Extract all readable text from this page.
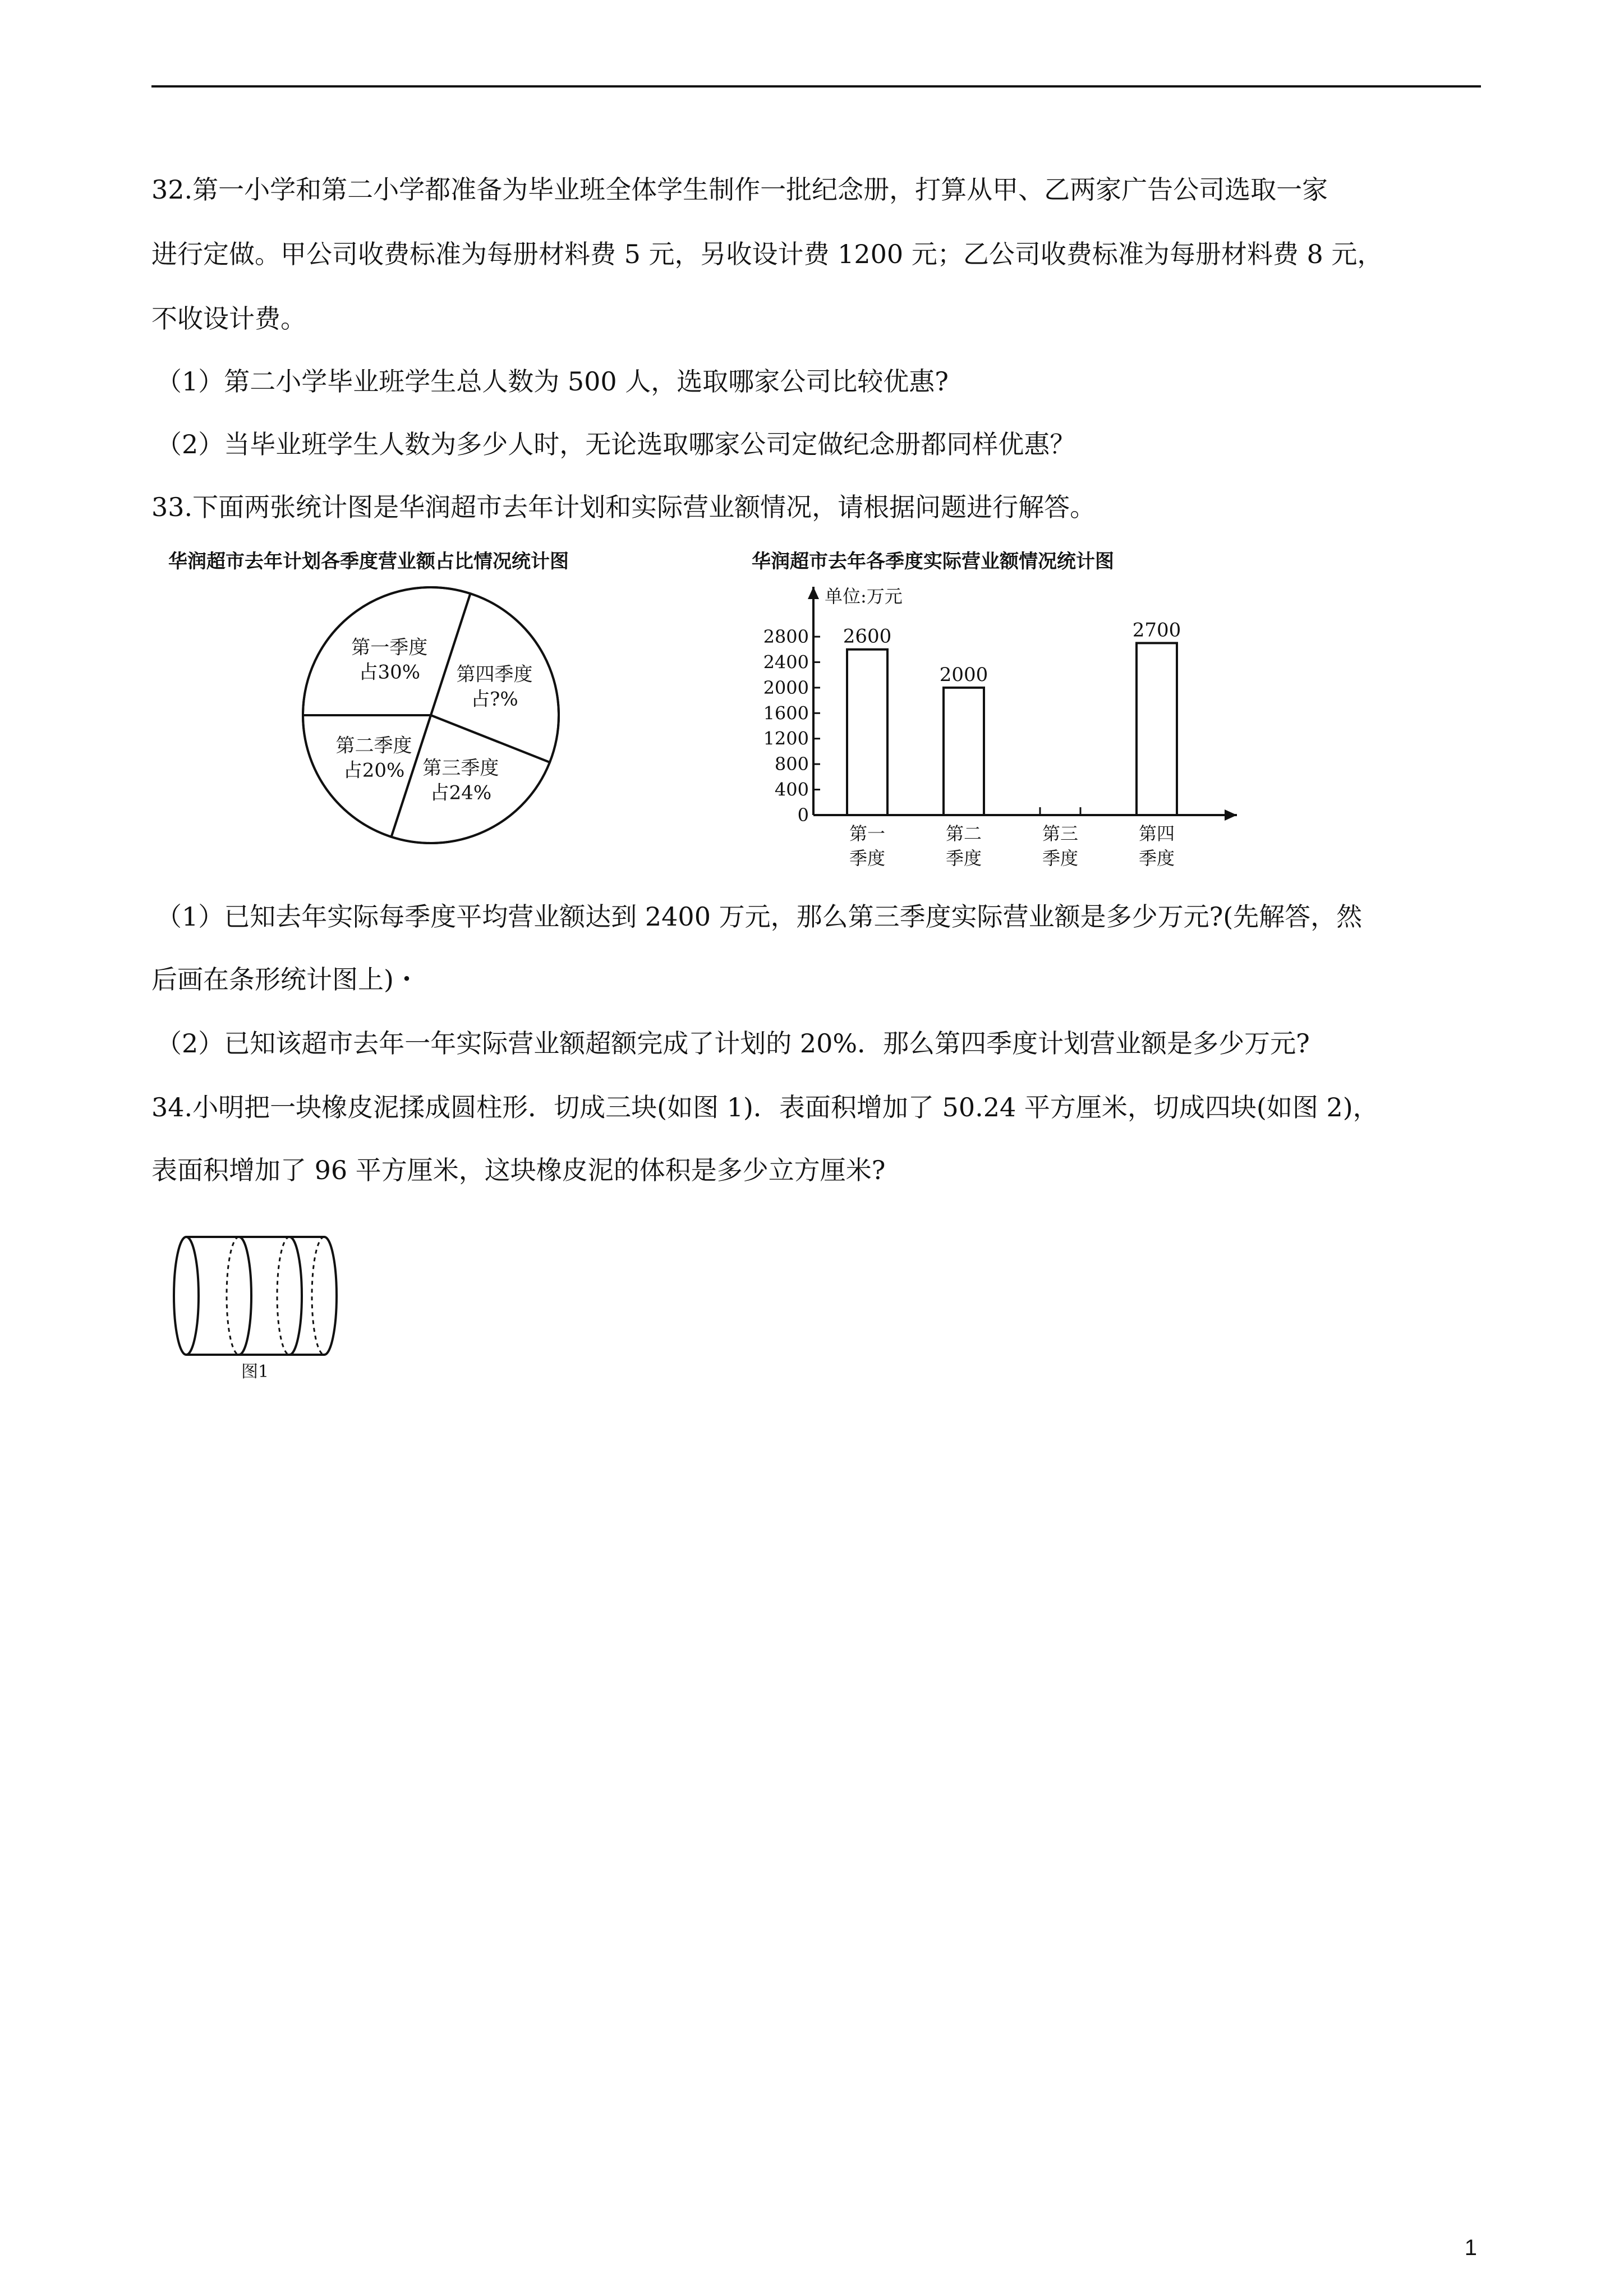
32.第一小学和第二小学都准备为毕业班全体学生制作一批纪念册，打算从甲、乙两家广告公司选取一家
进行定做。甲公司收费标准为每册材料费 5 元，另收设计费 1200 元；乙公司收费标准为每册材料费 8 元，
不收设计费。
（1）第二小学毕业班学生总人数为 500 人，选取哪家公司比较优惠?
（2）当毕业班学生人数为多少人时，无论选取哪家公司定做纪念册都同样优惠？
33.下面两张统计图是华润超市去年计划和实际营业额情况，请根据问题进行解答。
华润超市去年计划各季度营业额占比情况统计图
第一季度
占30% 第四季度
占?%
第三季度
占24%
第二季度
占20%
华润超市去年各季度实际营业额情况统计图
单位:万元
0
400
800
1200
1600
2000
2400
2800 2600
第一
季度
2000
第二
季度
第三
季度
2700
第四
季度
（1）已知去年实际每季度平均营业额达到 2400 万元，那么第三季度实际营业额是多少万元?(先解答，然
后画在条形统计图上)・
（2）已知该超市去年一年实际营业额超额完成了计划的 20%．那么第四季度计划营业额是多少万元?
34.小明把一块橡皮泥揉成圆柱形．切成三块(如图 1)．表面积增加了 50.24 平方厘米，切成四块(如图 2)，
表面积增加了 96 平方厘米，这块橡皮泥的体积是多少立方厘米?
图1
1
